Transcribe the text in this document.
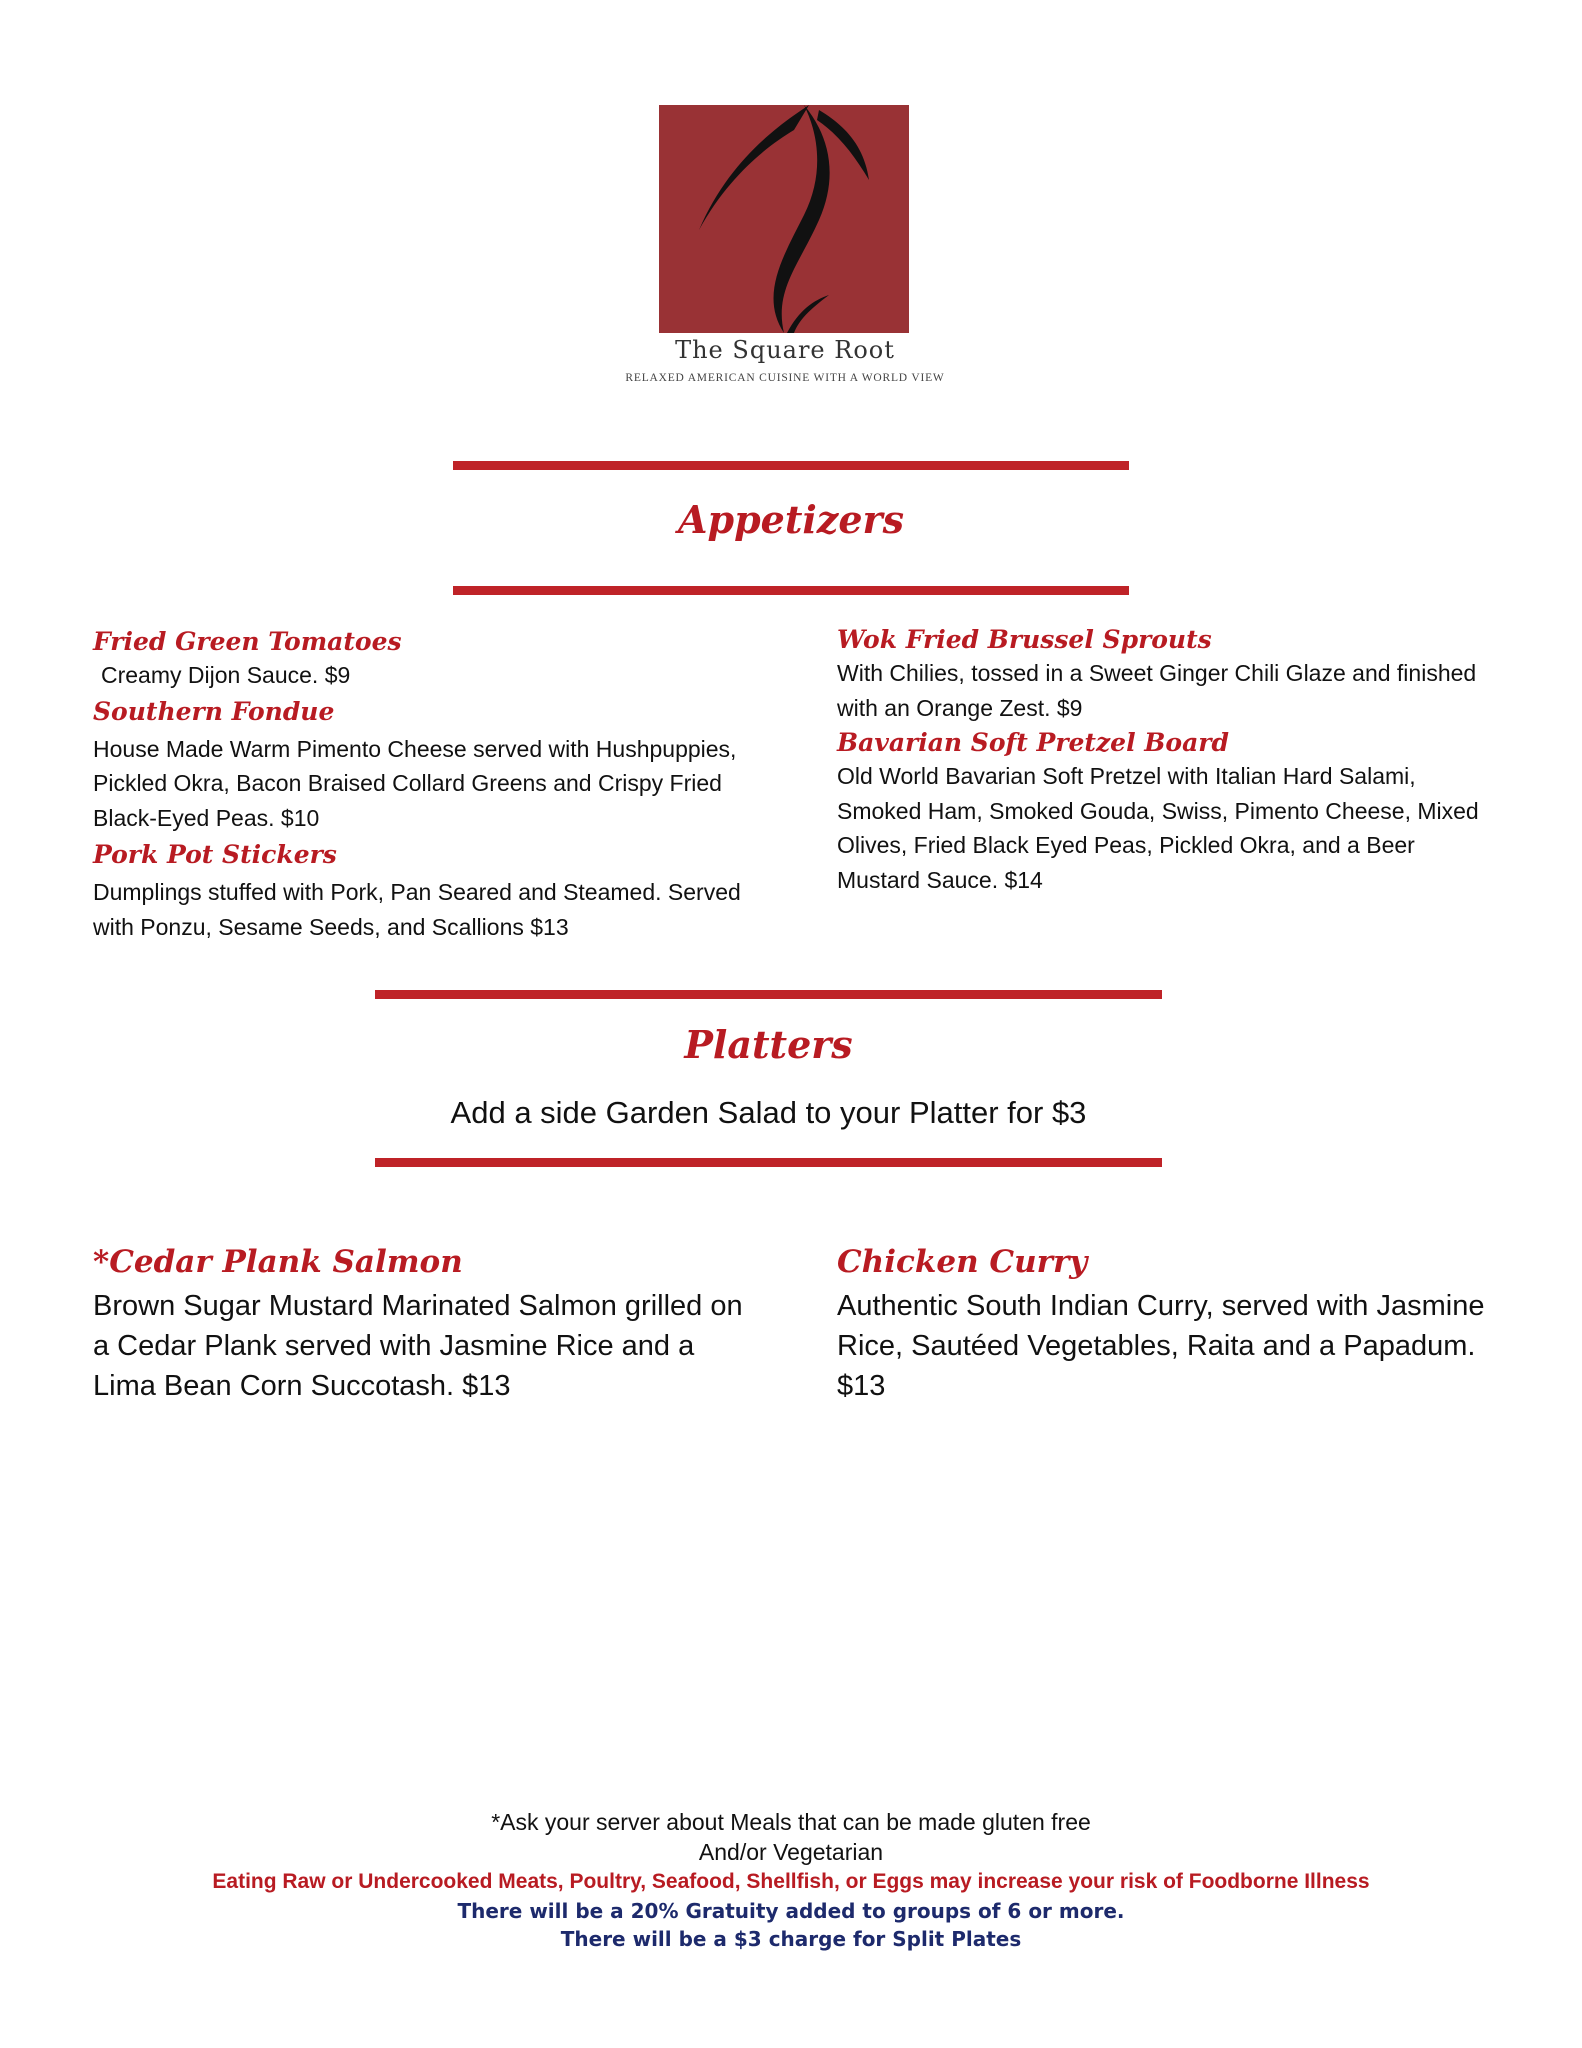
The Square Root
RELAXED AMERICAN CUISINE WITH A WORLD VIEW
Appetizers
Fried Green Tomatoes
Creamy Dijon Sauce. $9
Southern Fondue
House Made Warm Pimento Cheese served with Hushpuppies, Pickled Okra, Bacon Braised Collard Greens and Crispy Fried Black-Eyed Peas. $10
Pork Pot Stickers
Dumplings stuffed with Pork, Pan Seared and Steamed. Served with Ponzu, Sesame Seeds, and Scallions $13
Wok Fried Brussel Sprouts
With Chilies, tossed in a Sweet Ginger Chili Glaze and finished with an Orange Zest. $9
Bavarian Soft Pretzel Board
Old World Bavarian Soft Pretzel with Italian Hard Salami, Smoked Ham, Smoked Gouda, Swiss, Pimento Cheese, Mixed Olives, Fried Black Eyed Peas, Pickled Okra, and a Beer Mustard Sauce. $14
Platters
Add a side Garden Salad to your Platter for $3
*Cedar Plank Salmon
Brown Sugar Mustard Marinated Salmon grilled on a Cedar Plank served with Jasmine Rice and a Lima Bean Corn Succotash. $13
Chicken Curry
Authentic South Indian Curry, served with Jasmine Rice, Sautéed Vegetables, Raita and a Papadum. $13
*Ask your server about Meals that can be made gluten free
And/or Vegetarian
Eating Raw or Undercooked Meats, Poultry, Seafood, Shellfish, or Eggs may increase your risk of Foodborne Illness
There will be a 20% Gratuity added to groups of 6 or more.
There will be a $3 charge for Split Plates
